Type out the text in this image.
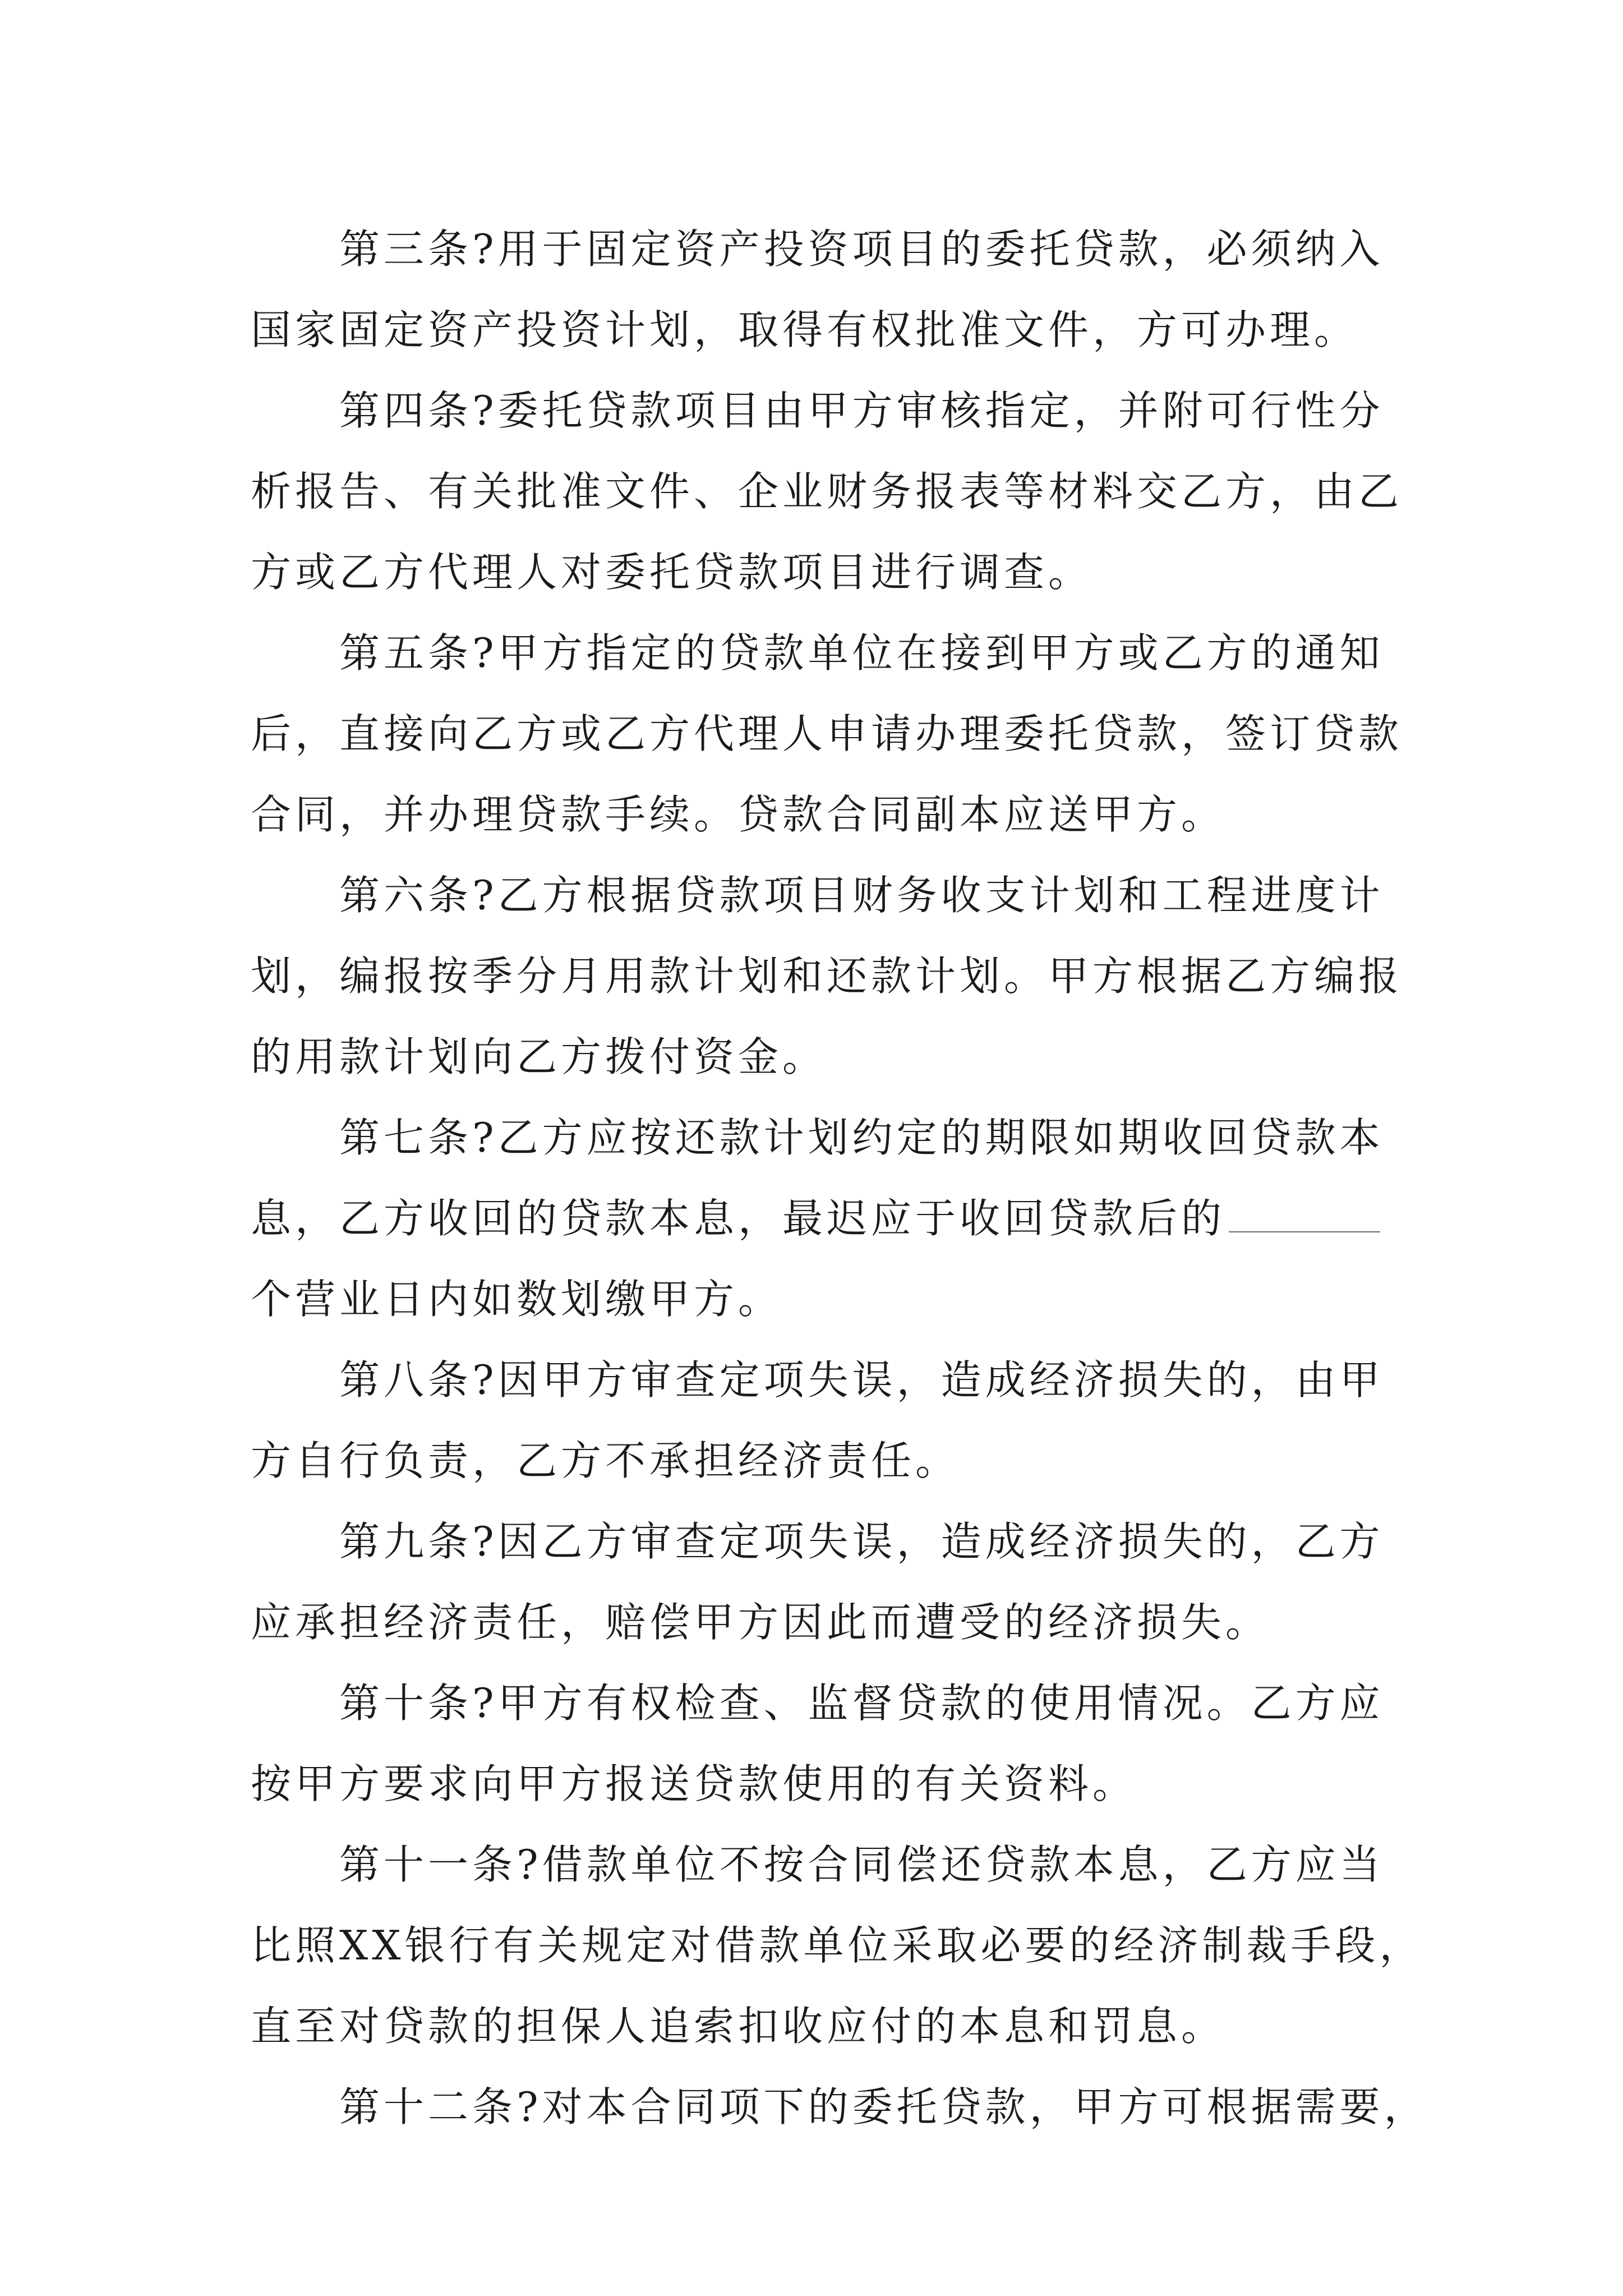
第三条?用于固定资产投资项目的委托贷款，必须纳入
国家固定资产投资计划，取得有权批准文件，方可办理。
第四条?委托贷款项目由甲方审核指定，并附可行性分
析报告、有关批准文件、企业财务报表等材料交乙方，由乙
方或乙方代理人对委托贷款项目进行调查。
第五条?甲方指定的贷款单位在接到甲方或乙方的通知
后，直接向乙方或乙方代理人申请办理委托贷款，签订贷款
合同，并办理贷款手续。贷款合同副本应送甲方。
第六条?乙方根据贷款项目财务收支计划和工程进度计
划，编报按季分月用款计划和还款计划。甲方根据乙方编报
的用款计划向乙方拨付资金。
第七条?乙方应按还款计划约定的期限如期收回贷款本
息，乙方收回的贷款本息，最迟应于收回贷款后的
个营业日内如数划缴甲方。
第八条?因甲方审查定项失误，造成经济损失的，由甲
方自行负责，乙方不承担经济责任。
第九条?因乙方审查定项失误，造成经济损失的，乙方
应承担经济责任，赔偿甲方因此而遭受的经济损失。
第十条?甲方有权检查、监督贷款的使用情况。乙方应
按甲方要求向甲方报送贷款使用的有关资料。
第十一条?借款单位不按合同偿还贷款本息，乙方应当
比照XX银行有关规定对借款单位采取必要的经济制裁手段，
直至对贷款的担保人追索扣收应付的本息和罚息。
第十二条?对本合同项下的委托贷款，甲方可根据需要，
